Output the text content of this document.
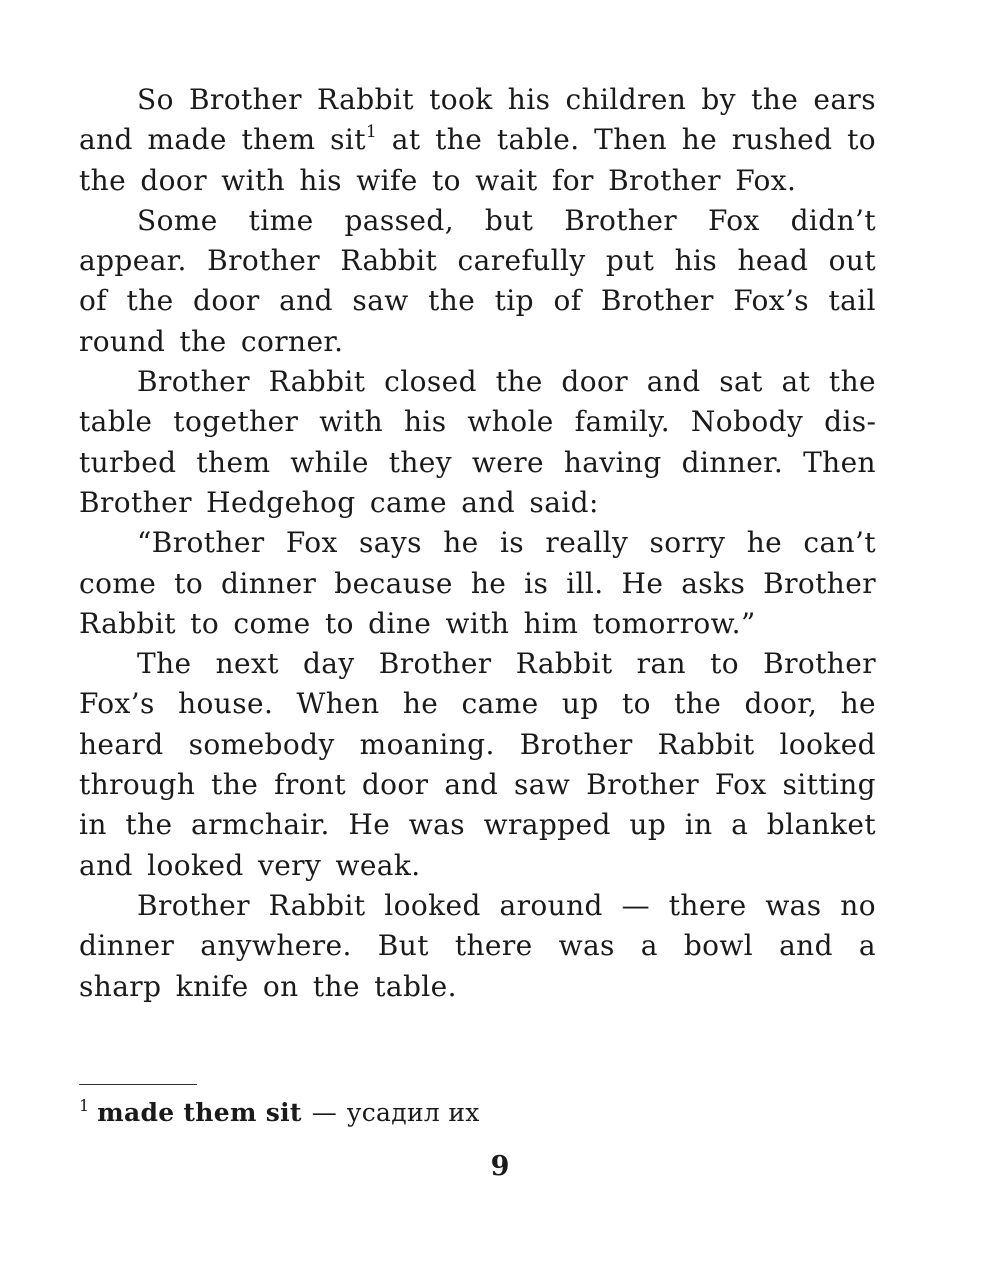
So Brother Rabbit took his children by the ears and made them sit$^1$ at the table. Then he rushed to the door with his wife to wait for Brother Fox.

Some time passed, but Brother Fox didn’t appear. Brother Rabbit carefully put his head out of the door and saw the tip of Brother Fox’s tail round the corner.

Brother Rabbit closed the door and sat at the table together with his whole family. Nobody disturbed them while they were having dinner. Then Brother Hedgehog came and said:

“Brother Fox says he is really sorry he can’t come to dinner because he is ill. He asks Brother Rabbit to come to dine with him tomorrow.”

The next day Brother Rabbit ran to Brother Fox’s house. When he came up to the door, he heard somebody moaning. Brother Rabbit looked through the front door and saw Brother Fox sitting in the armchair. He was wrapped up in a blanket and looked very weak.

Brother Rabbit looked around — there was no dinner anywhere. But there was a bowl and a sharp knife on the table.

$^1$ made them sit — усадил их
9
